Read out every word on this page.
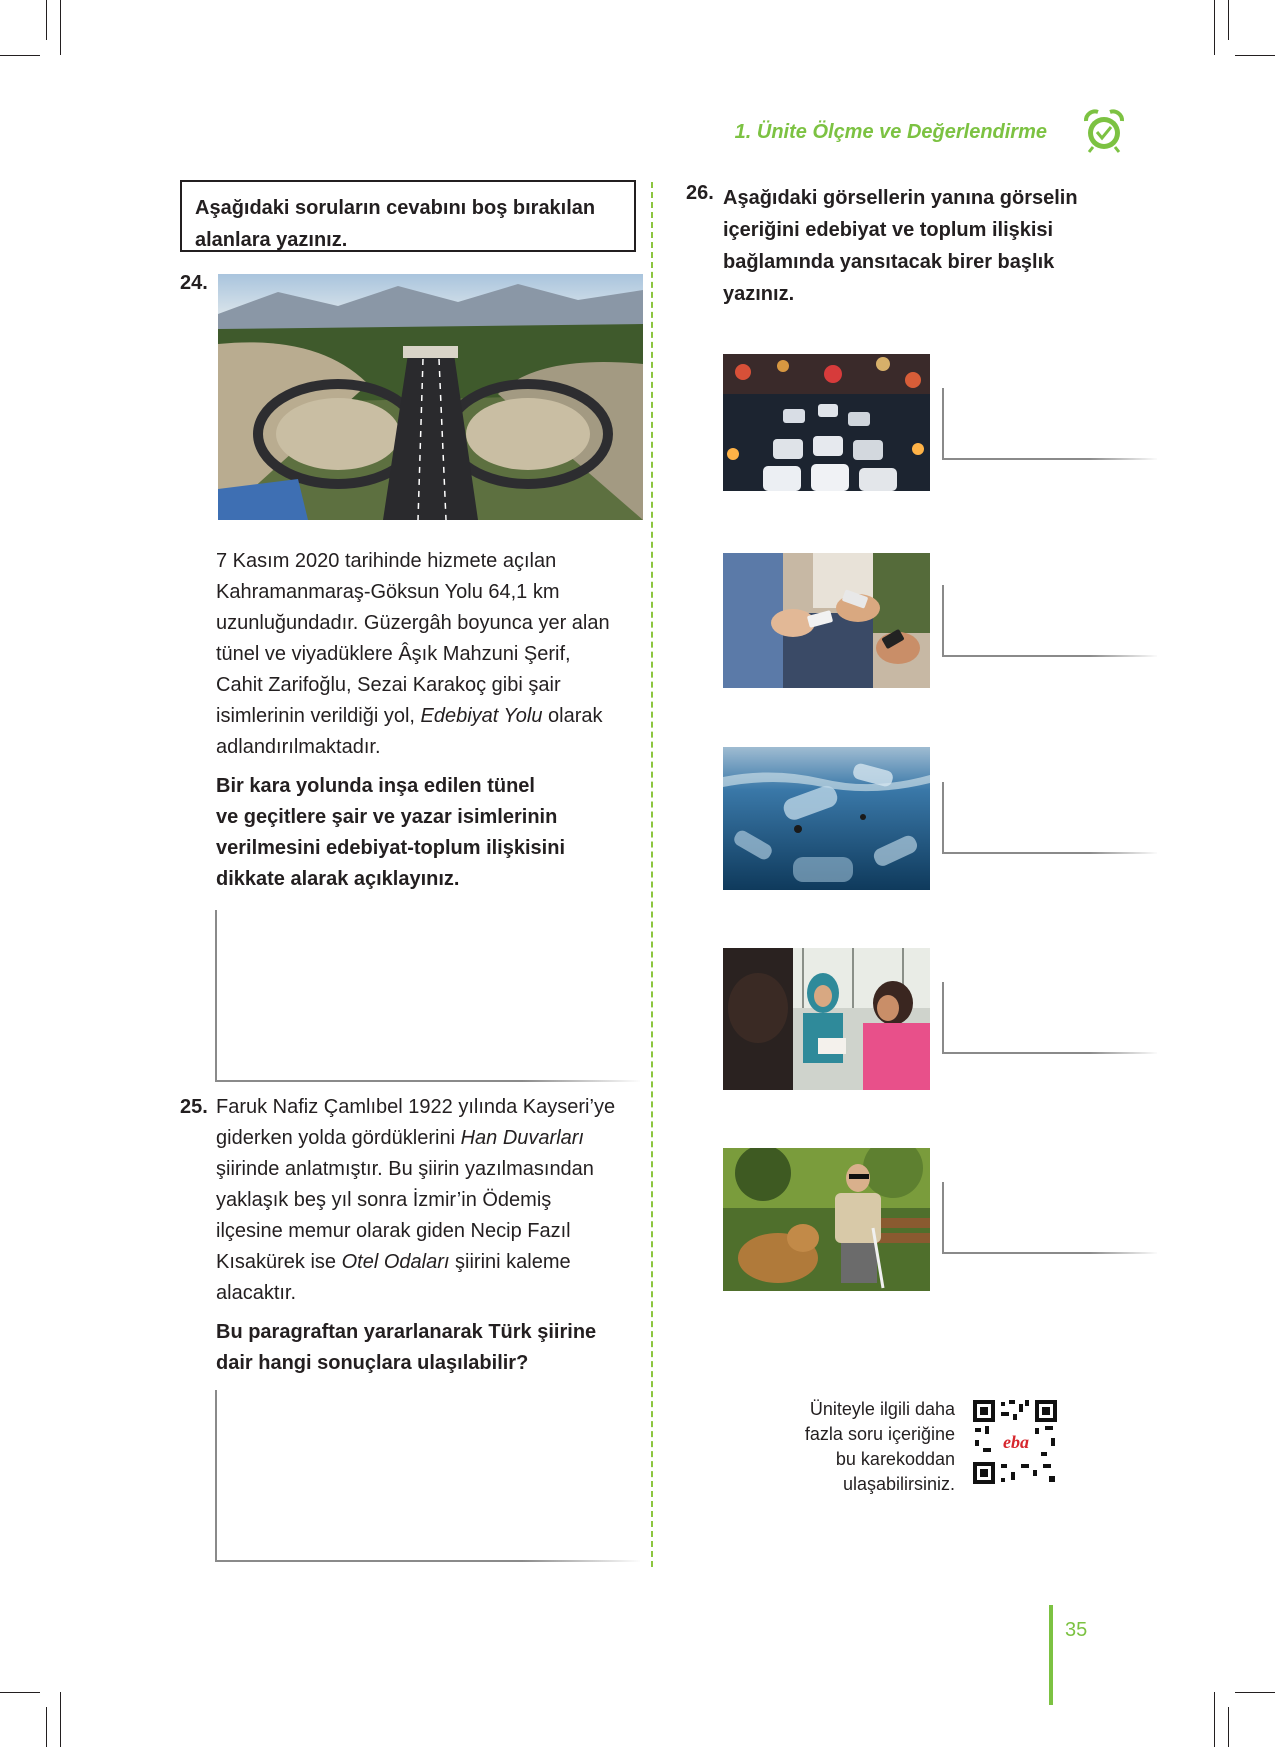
1. Ünite Ölçme ve Değerlendirme
Aşağıdaki soruların cevabını boş bırakılan alanlara yazınız.
24.
7 Kasım 2020 tarihinde hizmete açılan
Kahramanmaraş-Göksun Yolu 64,1 km
uzunluğundadır. Güzergâh boyunca yer alan
tünel ve viyadüklere Âşık Mahzuni Şerif,
Cahit Zarifoğlu, Sezai Karakoç gibi şair
isimlerinin verildiği yol, Edebiyat Yolu olarak
adlandırılmaktadır.
Bir kara yolunda inşa edilen tünel
ve geçitlere şair ve yazar isimlerinin
verilmesini edebiyat-toplum ilişkisini
dikkate alarak açıklayınız.
25. Faruk Nafiz Çamlıbel 1922 yılında Kayseri’ye
giderken yolda gördüklerini Han Duvarları
şiirinde anlatmıştır. Bu şiirin yazılmasından
yaklaşık beş yıl sonra İzmir’in Ödemiş
ilçesine memur olarak giden Necip Fazıl
Kısakürek ise Otel Odaları şiirini kaleme
alacaktır.
Bu paragraftan yararlanarak Türk şiirine
dair hangi sonuçlara ulaşılabilir?
26. Aşağıdaki görsellerin yanına görselin
içeriğini edebiyat ve toplum ilişkisi
bağlamında yansıtacak birer başlık
yazınız.
Üniteyle ilgili daha
fazla soru içeriğine
bu karekoddan
ulaşabilirsiniz.
eba
35
